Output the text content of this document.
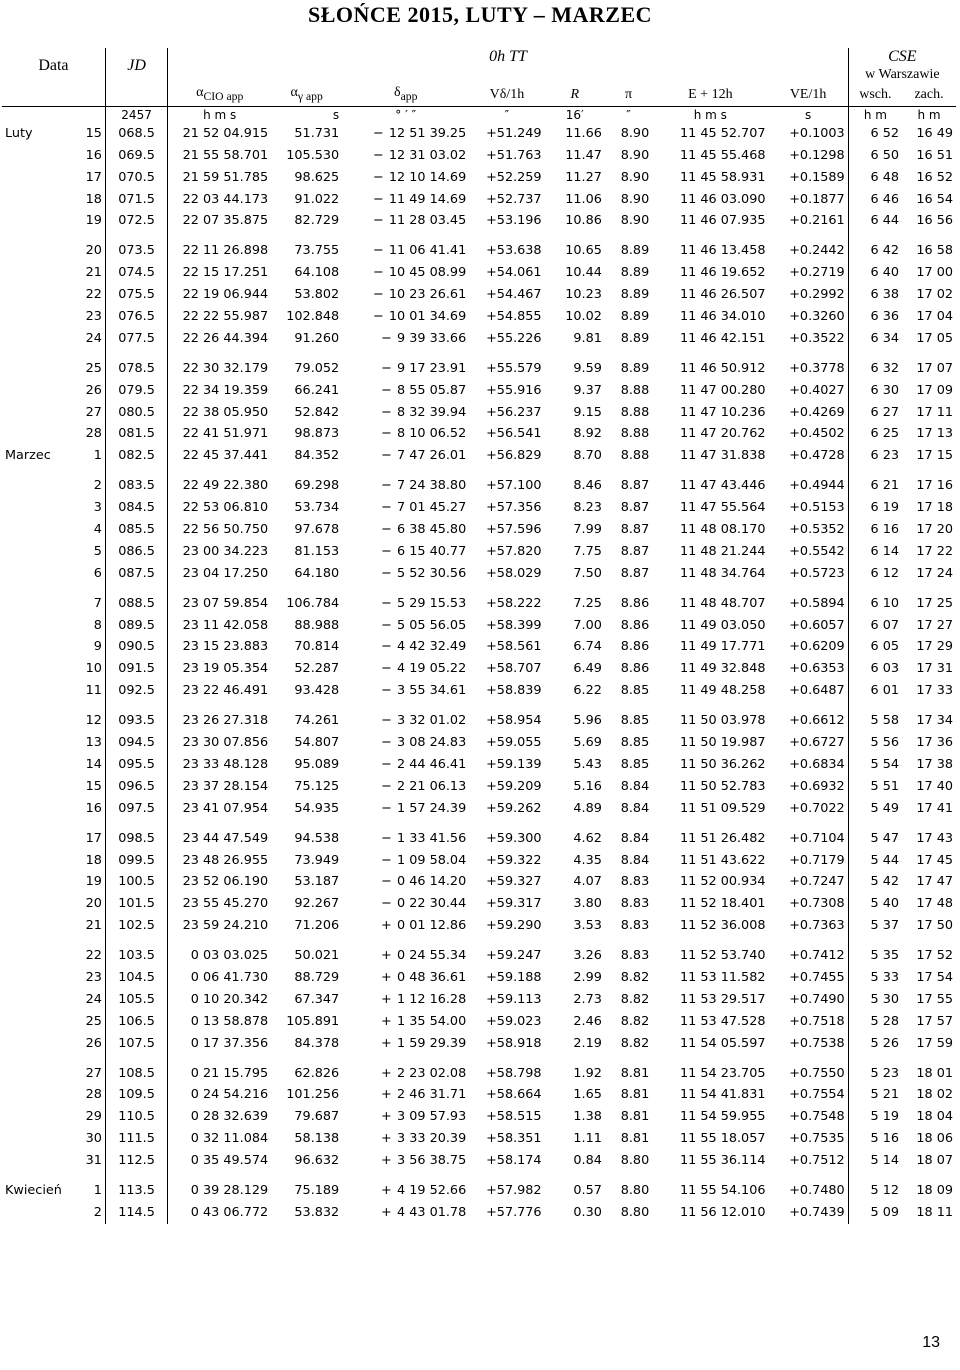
SŁOŃCE 2015, LUTY – MARZEC
Data		JD	0h TT								CSE	
											w Warszawie	
			$\alpha_{CIO app}$	$\alpha_{\gamma app}$	$\delta_{app}$	Vδ/1h	R	π	E + 12h	VE/1h	wsch.	zach.
		2457	h m s	s	° ′ ″	″	16′	″	h m s	s	h m	h m
Luty	15	068.5	21 52 04.915	51.731	− 12 51 39.25	+51.249	11.66	8.90	11 45 52.707	+0.1003	6 52	16 49
	16	069.5	21 55 58.701	105.530	− 12 31 03.02	+51.763	11.47	8.90	11 45 55.468	+0.1298	6 50	16 51
	17	070.5	21 59 51.785	98.625	− 12 10 14.69	+52.259	11.27	8.90	11 45 58.931	+0.1589	6 48	16 52
	18	071.5	22 03 44.173	91.022	− 11 49 14.69	+52.737	11.06	8.90	11 46 03.090	+0.1877	6 46	16 54
	19	072.5	22 07 35.875	82.729	− 11 28 03.45	+53.196	10.86	8.90	11 46 07.935	+0.2161	6 44	16 56
	20	073.5	22 11 26.898	73.755	− 11 06 41.41	+53.638	10.65	8.89	11 46 13.458	+0.2442	6 42	16 58
	21	074.5	22 15 17.251	64.108	− 10 45 08.99	+54.061	10.44	8.89	11 46 19.652	+0.2719	6 40	17 00
	22	075.5	22 19 06.944	53.802	− 10 23 26.61	+54.467	10.23	8.89	11 46 26.507	+0.2992	6 38	17 02
	23	076.5	22 22 55.987	102.848	− 10 01 34.69	+54.855	10.02	8.89	11 46 34.010	+0.3260	6 36	17 04
	24	077.5	22 26 44.394	91.260	− 9 39 33.66	+55.226	9.81	8.89	11 46 42.151	+0.3522	6 34	17 05
	25	078.5	22 30 32.179	79.052	− 9 17 23.91	+55.579	9.59	8.89	11 46 50.912	+0.3778	6 32	17 07
	26	079.5	22 34 19.359	66.241	− 8 55 05.87	+55.916	9.37	8.88	11 47 00.280	+0.4027	6 30	17 09
	27	080.5	22 38 05.950	52.842	− 8 32 39.94	+56.237	9.15	8.88	11 47 10.236	+0.4269	6 27	17 11
	28	081.5	22 41 51.971	98.873	− 8 10 06.52	+56.541	8.92	8.88	11 47 20.762	+0.4502	6 25	17 13
Marzec	1	082.5	22 45 37.441	84.352	− 7 47 26.01	+56.829	8.70	8.88	11 47 31.838	+0.4728	6 23	17 15
	2	083.5	22 49 22.380	69.298	− 7 24 38.80	+57.100	8.46	8.87	11 47 43.446	+0.4944	6 21	17 16
	3	084.5	22 53 06.810	53.734	− 7 01 45.27	+57.356	8.23	8.87	11 47 55.564	+0.5153	6 19	17 18
	4	085.5	22 56 50.750	97.678	− 6 38 45.80	+57.596	7.99	8.87	11 48 08.170	+0.5352	6 16	17 20
	5	086.5	23 00 34.223	81.153	− 6 15 40.77	+57.820	7.75	8.87	11 48 21.244	+0.5542	6 14	17 22
	6	087.5	23 04 17.250	64.180	− 5 52 30.56	+58.029	7.50	8.87	11 48 34.764	+0.5723	6 12	17 24
	7	088.5	23 07 59.854	106.784	− 5 29 15.53	+58.222	7.25	8.86	11 48 48.707	+0.5894	6 10	17 25
	8	089.5	23 11 42.058	88.988	− 5 05 56.05	+58.399	7.00	8.86	11 49 03.050	+0.6057	6 07	17 27
	9	090.5	23 15 23.883	70.814	− 4 42 32.49	+58.561	6.74	8.86	11 49 17.771	+0.6209	6 05	17 29
	10	091.5	23 19 05.354	52.287	− 4 19 05.22	+58.707	6.49	8.86	11 49 32.848	+0.6353	6 03	17 31
	11	092.5	23 22 46.491	93.428	− 3 55 34.61	+58.839	6.22	8.85	11 49 48.258	+0.6487	6 01	17 33
	12	093.5	23 26 27.318	74.261	− 3 32 01.02	+58.954	5.96	8.85	11 50 03.978	+0.6612	5 58	17 34
	13	094.5	23 30 07.856	54.807	− 3 08 24.83	+59.055	5.69	8.85	11 50 19.987	+0.6727	5 56	17 36
	14	095.5	23 33 48.128	95.089	− 2 44 46.41	+59.139	5.43	8.85	11 50 36.262	+0.6834	5 54	17 38
	15	096.5	23 37 28.154	75.125	− 2 21 06.13	+59.209	5.16	8.84	11 50 52.783	+0.6932	5 51	17 40
	16	097.5	23 41 07.954	54.935	− 1 57 24.39	+59.262	4.89	8.84	11 51 09.529	+0.7022	5 49	17 41
	17	098.5	23 44 47.549	94.538	− 1 33 41.56	+59.300	4.62	8.84	11 51 26.482	+0.7104	5 47	17 43
	18	099.5	23 48 26.955	73.949	− 1 09 58.04	+59.322	4.35	8.84	11 51 43.622	+0.7179	5 44	17 45
	19	100.5	23 52 06.190	53.187	− 0 46 14.20	+59.327	4.07	8.83	11 52 00.934	+0.7247	5 42	17 47
	20	101.5	23 55 45.270	92.267	− 0 22 30.44	+59.317	3.80	8.83	11 52 18.401	+0.7308	5 40	17 48
	21	102.5	23 59 24.210	71.206	+ 0 01 12.86	+59.290	3.53	8.83	11 52 36.008	+0.7363	5 37	17 50
	22	103.5	0 03 03.025	50.021	+ 0 24 55.34	+59.247	3.26	8.83	11 52 53.740	+0.7412	5 35	17 52
	23	104.5	0 06 41.730	88.729	+ 0 48 36.61	+59.188	2.99	8.82	11 53 11.582	+0.7455	5 33	17 54
	24	105.5	0 10 20.342	67.347	+ 1 12 16.28	+59.113	2.73	8.82	11 53 29.517	+0.7490	5 30	17 55
	25	106.5	0 13 58.878	105.891	+ 1 35 54.00	+59.023	2.46	8.82	11 53 47.528	+0.7518	5 28	17 57
	26	107.5	0 17 37.356	84.378	+ 1 59 29.39	+58.918	2.19	8.82	11 54 05.597	+0.7538	5 26	17 59
	27	108.5	0 21 15.795	62.826	+ 2 23 02.08	+58.798	1.92	8.81	11 54 23.705	+0.7550	5 23	18 01
	28	109.5	0 24 54.216	101.256	+ 2 46 31.71	+58.664	1.65	8.81	11 54 41.831	+0.7554	5 21	18 02
	29	110.5	0 28 32.639	79.687	+ 3 09 57.93	+58.515	1.38	8.81	11 54 59.955	+0.7548	5 19	18 04
	30	111.5	0 32 11.084	58.138	+ 3 33 20.39	+58.351	1.11	8.81	11 55 18.057	+0.7535	5 16	18 06
	31	112.5	0 35 49.574	96.632	+ 3 56 38.75	+58.174	0.84	8.80	11 55 36.114	+0.7512	5 14	18 07
Kwiecień	1	113.5	0 39 28.129	75.189	+ 4 19 52.66	+57.982	0.57	8.80	11 55 54.106	+0.7480	5 12	18 09
	2	114.5	0 43 06.772	53.832	+ 4 43 01.78	+57.776	0.30	8.80	11 56 12.010	+0.7439	5 09	18 11
13
